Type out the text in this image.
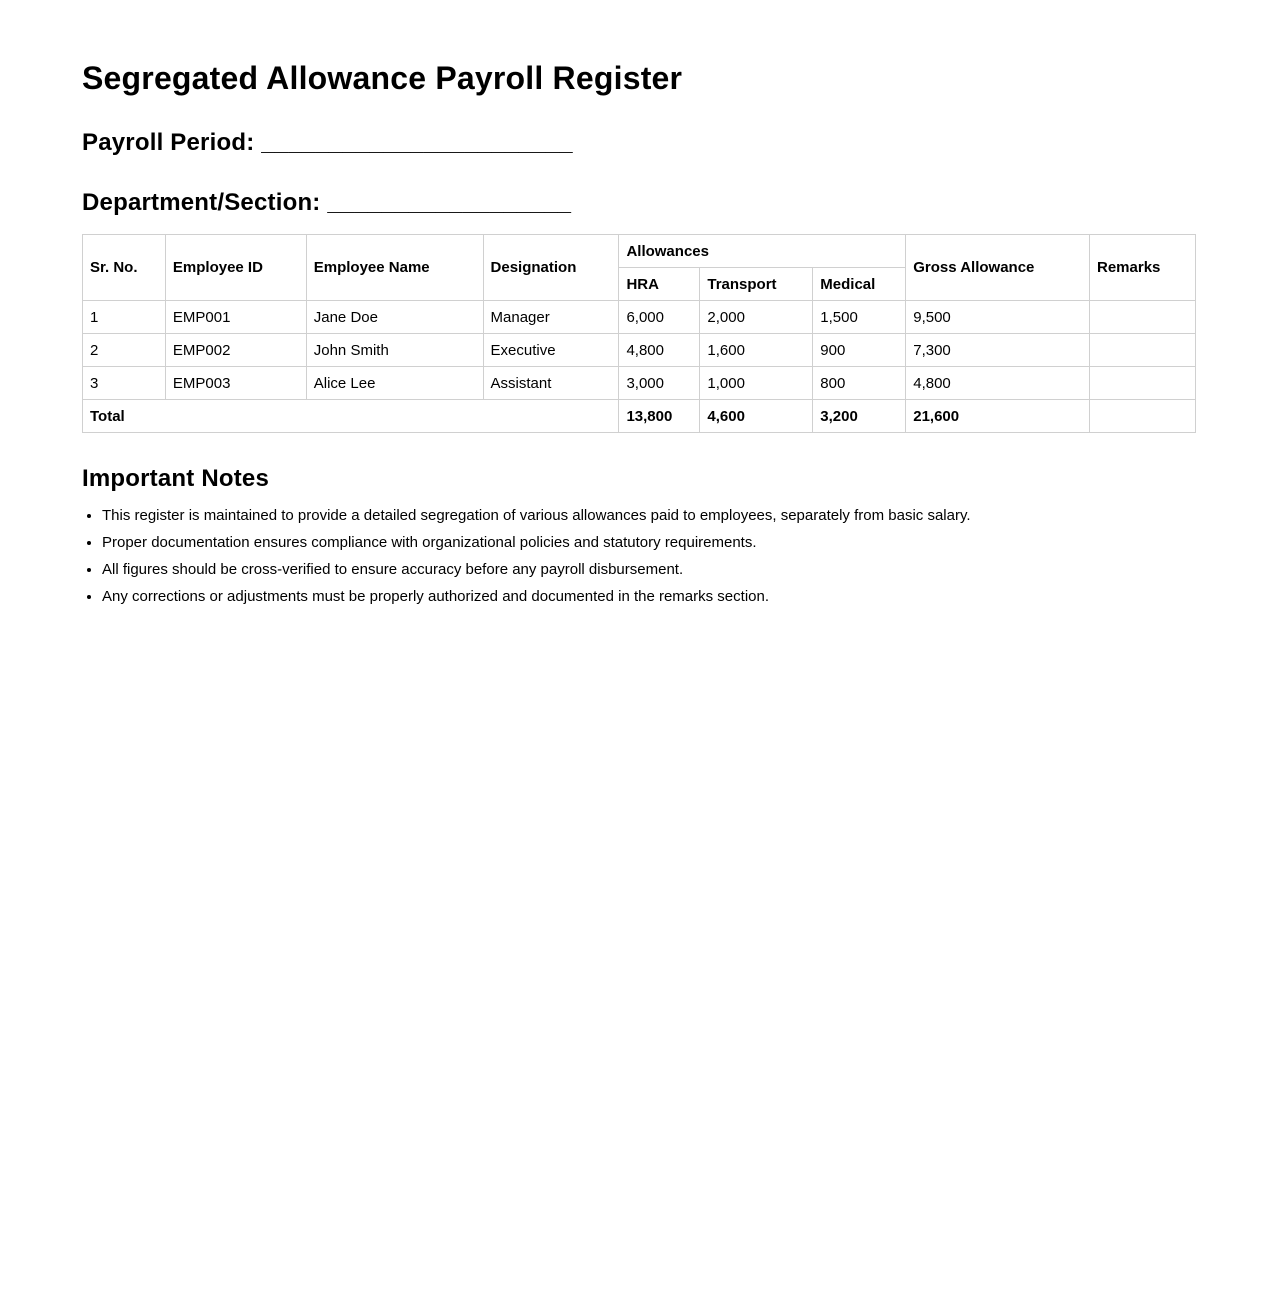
Segregated Allowance Payroll Register
Payroll Period: _______________________
Department/Section: __________________
Sr. No.	Employee ID	Employee Name	Designation	Allowances			Gross Allowance	Remarks
				HRA	Transport	Medical		
1	EMP001	Jane Doe	Manager	6,000	2,000	1,500	9,500	
2	EMP002	John Smith	Executive	4,800	1,600	900	7,300	
3	EMP003	Alice Lee	Assistant	3,000	1,000	800	4,800	
Total				13,800	4,600	3,200	21,600	
Important Notes
• This register is maintained to provide a detailed segregation of various allowances paid to employees, separately from basic salary.
• Proper documentation ensures compliance with organizational policies and statutory requirements.
• All figures should be cross-verified to ensure accuracy before any payroll disbursement.
• Any corrections or adjustments must be properly authorized and documented in the remarks section.
